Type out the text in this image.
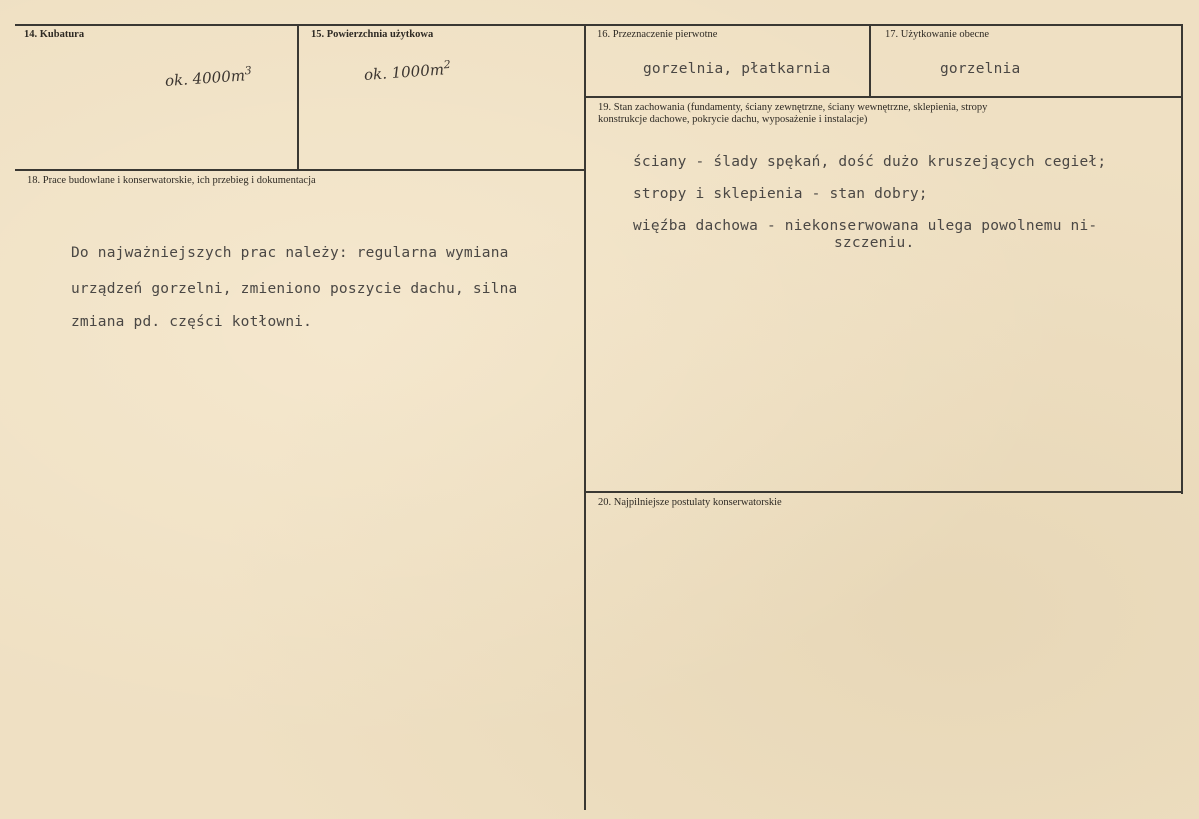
14. Kubatura
ok. $4000m^3$
15. Powierzchnia użytkowa
ok. $1000m^2$
16. Przeznaczenie pierwotne
gorzelnia, płatkarnia
17. Użytkowanie obecne
gorzelnia
18. Prace budowlane i konserwatorskie, ich przebieg i dokumentacja
Do najważniejszych prac należy: regularna wymiana
urządzeń gorzelni, zmieniono poszycie dachu, silna
zmiana pd. części kotłowni.
19. Stan zachowania (fundamenty, ściany zewnętrzne, ściany wewnętrzne, sklepienia, stropy
konstrukcje dachowe, pokrycie dachu, wyposażenie i instalacje)
ściany - ślady spękań, dość dużo kruszejących cegieł;
stropy i sklepienia - stan dobry;
więźba dachowa - niekonserwowana ulega powolnemu ni-
szczeniu.
20. Najpilniejsze postulaty konserwatorskie
